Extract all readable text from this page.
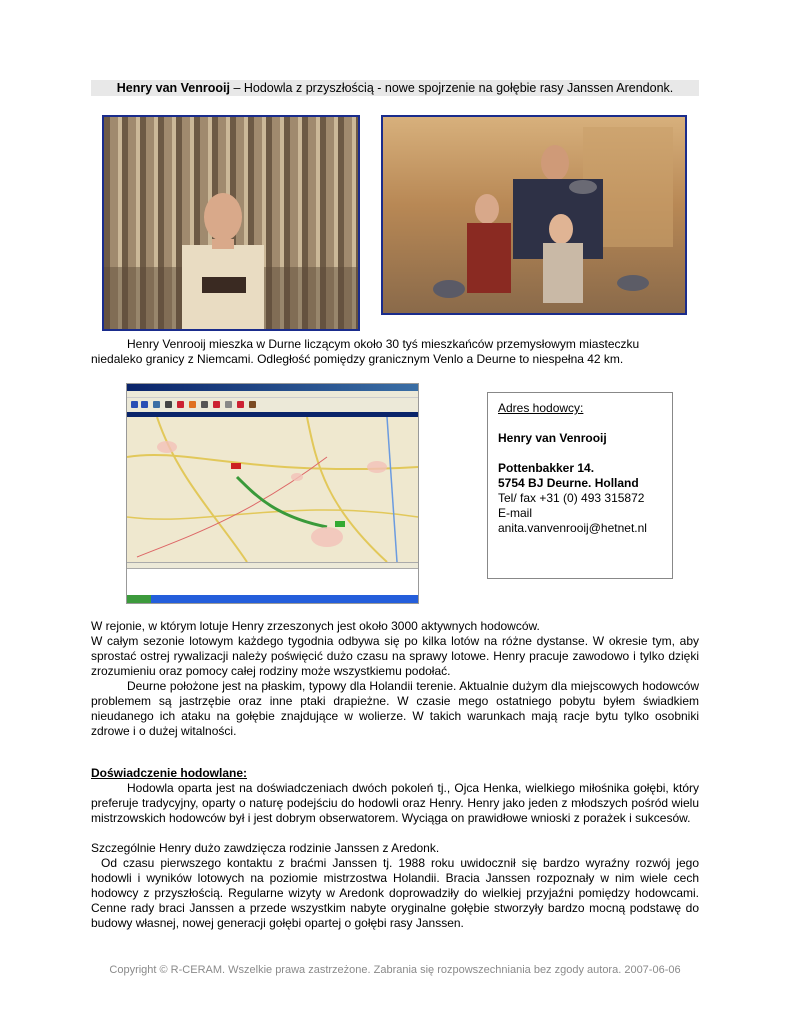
Henry van Venrooij – Hodowla z przyszłością - nowe spojrzenie na gołębie rasy Janssen Arendonk.
Henry Venrooij mieszka w Durne liczącym około 30 tyś mieszkańców przemysłowym miasteczku
niedaleko granicy z Niemcami. Odległość pomiędzy granicznym Venlo a Deurne to niespełna 42 km.
Adres hodowcy:
Henry van Venrooij
Pottenbakker 14.
5754 BJ Deurne. Holland
Tel/ fax +31 (0) 493 315872
E-mail
anita.vanvenrooij@hetnet.nl
W rejonie, w którym lotuje Henry zrzeszonych jest około 3000 aktywnych hodowców.
W całym sezonie lotowym każdego tygodnia odbywa się po kilka lotów na różne dystanse. W okresie tym, aby sprostać ostrej rywalizacji należy poświęcić dużo czasu na sprawy lotowe. Henry pracuje zawodowo i tylko dzięki zrozumieniu oraz pomocy całej rodziny może wszystkiemu podołać.
Deurne położone jest na płaskim, typowy dla Holandii terenie. Aktualnie dużym dla miejscowych hodowców problemem są jastrzębie oraz inne ptaki drapieżne. W czasie mego ostatniego pobytu byłem świadkiem nieudanego ich ataku na gołębie znajdujące w wolierze. W takich warunkach mają racje bytu tylko osobniki zdrowe i o dużej witalności.
Doświadczenie hodowlane:
Hodowla oparta jest na doświadczeniach dwóch pokoleń tj., Ojca Henka, wielkiego miłośnika gołębi, który preferuje tradycyjny, oparty o naturę podejściu do hodowli oraz Henry. Henry jako jeden z młodszych pośród wielu mistrzowskich hodowców był i jest dobrym obserwatorem. Wyciąga on prawidłowe wnioski z porażek i sukcesów.
Szczególnie Henry dużo zawdzięcza rodzinie Janssen z Aredonk.
Od czasu pierwszego kontaktu z braćmi Janssen tj. 1988 roku uwidocznił się bardzo wyraźny rozwój jego hodowli i wyników lotowych na poziomie mistrzostwa Holandii. Bracia Janssen rozpoznały w nim wiele cech hodowcy z przyszłością. Regularne wizyty w Aredonk doprowadziły do wielkiej przyjaźni pomiędzy hodowcami. Cenne rady braci Janssen a przede wszystkim nabyte oryginalne gołębie stworzyły bardzo mocną podstawę do budowy własnej, nowej generacji gołębi opartej o gołębi rasy Janssen.
Copyright © R-CERAM. Wszelkie prawa zastrzeżone. Zabrania się rozpowszechniania bez zgody autora. 2007-06-06
